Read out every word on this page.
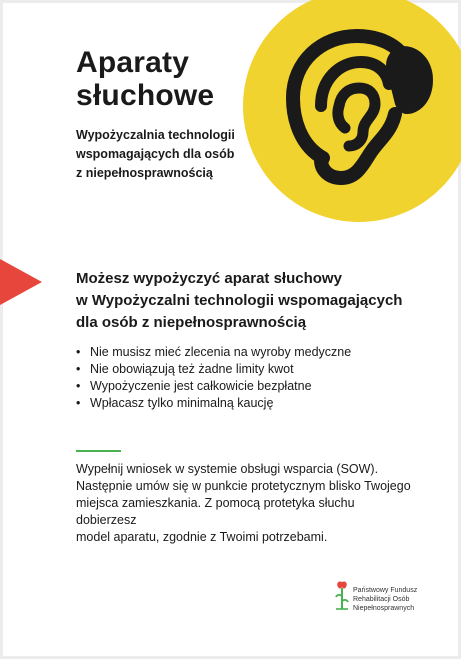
Aparaty
słuchowe
Wypożyczalnia technologii
wspomagających dla osób
z niepełnosprawnością
Możesz wypożyczyć aparat słuchowy
w Wypożyczalni technologii wspomagających
dla osób z niepełnosprawnością
• Nie musisz mieć zlecenia na wyroby medyczne
• Nie obowiązują też żadne limity kwot
• Wypożyczenie jest całkowicie bezpłatne
• Wpłacasz tylko minimalną kaucję
Wypełnij wniosek w systemie obsługi wsparcia (SOW).
Następnie umów się w punkcie protetycznym blisko Twojego
miejsca zamieszkania. Z pomocą protetyka słuchu dobierzesz
model aparatu, zgodnie z Twoimi potrzebami.
Państwowy Fundusz
Rehabilitacji Osób
Niepełnosprawnych
